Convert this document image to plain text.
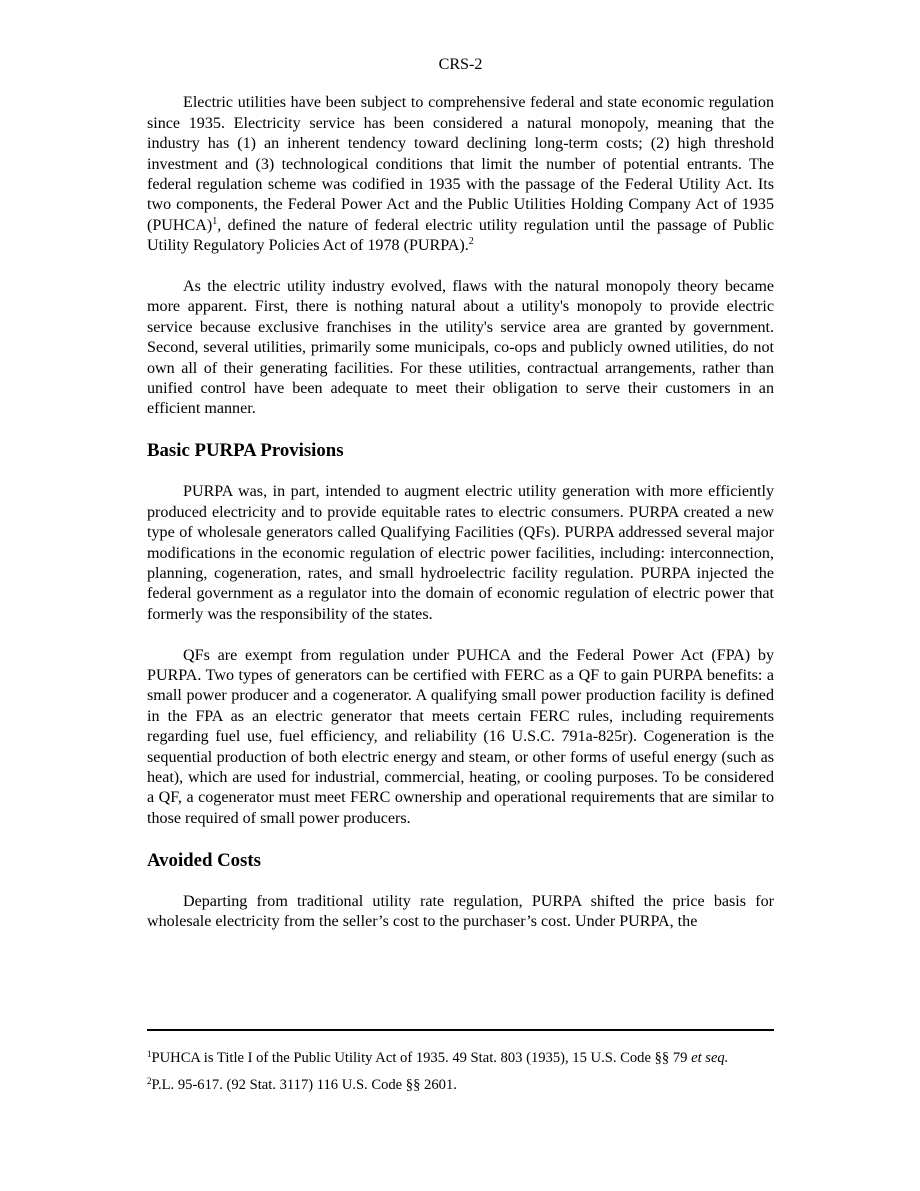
CRS-2

Electric utilities have been subject to comprehensive federal and state economic regulation since 1935. Electricity service has been considered a natural monopoly, meaning that the industry has (1) an inherent tendency toward declining long-term costs; (2) high threshold investment and (3) technological conditions that limit the number of potential entrants. The federal regulation scheme was codified in 1935 with the passage of the Federal Utility Act. Its two components, the Federal Power Act and the Public Utilities Holding Company Act of 1935 (PUHCA)$^1$, defined the nature of federal electric utility regulation until the passage of Public Utility Regulatory Policies Act of 1978 (PURPA).$^2$

As the electric utility industry evolved, flaws with the natural monopoly theory became more apparent. First, there is nothing natural about a utility's monopoly to provide electric service because exclusive franchises in the utility's service area are granted by government. Second, several utilities, primarily some municipals, co-ops and publicly owned utilities, do not own all of their generating facilities. For these utilities, contractual arrangements, rather than unified control have been adequate to meet their obligation to serve their customers in an efficient manner.

Basic PURPA Provisions

PURPA was, in part, intended to augment electric utility generation with more efficiently produced electricity and to provide equitable rates to electric consumers. PURPA created a new type of wholesale generators called Qualifying Facilities (QFs). PURPA addressed several major modifications in the economic regulation of electric power facilities, including: interconnection, planning, cogeneration, rates, and small hydroelectric facility regulation. PURPA injected the federal government as a regulator into the domain of economic regulation of electric power that formerly was the responsibility of the states.

QFs are exempt from regulation under PUHCA and the Federal Power Act (FPA) by PURPA. Two types of generators can be certified with FERC as a QF to gain PURPA benefits: a small power producer and a cogenerator. A qualifying small power production facility is defined in the FPA as an electric generator that meets certain FERC rules, including requirements regarding fuel use, fuel efficiency, and reliability (16 U.S.C. 791a-825r). Cogeneration is the sequential production of both electric energy and steam, or other forms of useful energy (such as heat), which are used for industrial, commercial, heating, or cooling purposes. To be considered a QF, a cogenerator must meet FERC ownership and operational requirements that are similar to those required of small power producers.

Avoided Costs

Departing from traditional utility rate regulation, PURPA shifted the price basis for wholesale electricity from the seller’s cost to the purchaser’s cost. Under PURPA, the

$^1$PUHCA is Title I of the Public Utility Act of 1935. 49 Stat. 803 (1935), 15 U.S. Code §§ 79 et seq.

$^2$P.L. 95-617. (92 Stat. 3117) 116 U.S. Code §§ 2601.
